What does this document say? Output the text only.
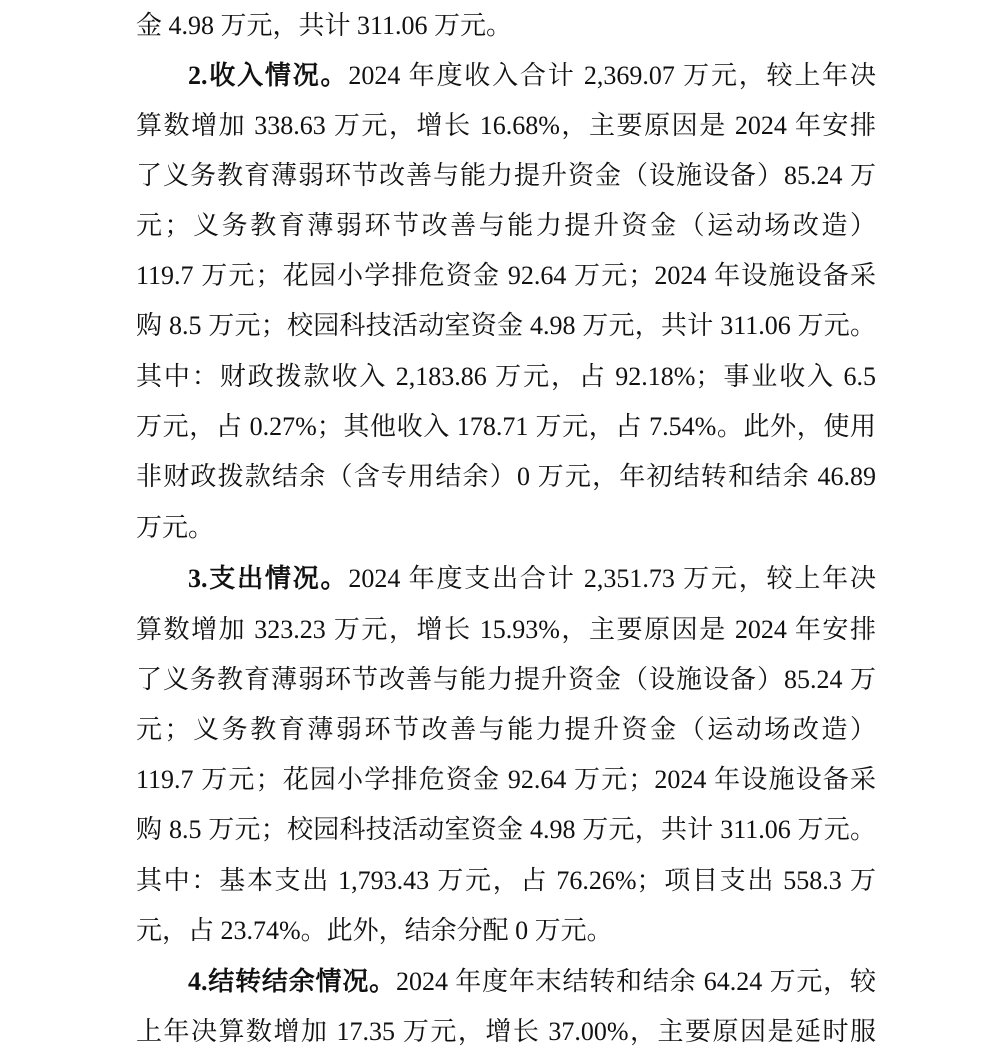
金 4.98 万元，共计 311.06 万元。
2.收入情况。2024 年度收入合计 2,369.07 万元，较上年决
算数增加 338.63 万元，增长 16.68%，主要原因是 2024 年安排
了义务教育薄弱环节改善与能力提升资金（设施设备）85.24 万
元；义务教育薄弱环节改善与能力提升资金（运动场改造）
119.7 万元；花园小学排危资金 92.64 万元；2024 年设施设备采
购 8.5 万元；校园科技活动室资金 4.98 万元，共计 311.06 万元。
其中：财政拨款收入 2,183.86 万元，占 92.18%；事业收入 6.5
万元，占 0.27%；其他收入 178.71 万元，占 7.54%。此外，使用
非财政拨款结余（含专用结余）0 万元，年初结转和结余 46.89
万元。
3.支出情况。2024 年度支出合计 2,351.73 万元，较上年决
算数增加 323.23 万元，增长 15.93%，主要原因是 2024 年安排
了义务教育薄弱环节改善与能力提升资金（设施设备）85.24 万
元；义务教育薄弱环节改善与能力提升资金（运动场改造）
119.7 万元；花园小学排危资金 92.64 万元；2024 年设施设备采
购 8.5 万元；校园科技活动室资金 4.98 万元，共计 311.06 万元。
其中：基本支出 1,793.43 万元，占 76.26%；项目支出 558.3 万
元，占 23.74%。此外，结余分配 0 万元。
4.结转结余情况。2024 年度年末结转和结余 64.24 万元，较
上年决算数增加 17.35 万元，增长 37.00%，主要原因是延时服
